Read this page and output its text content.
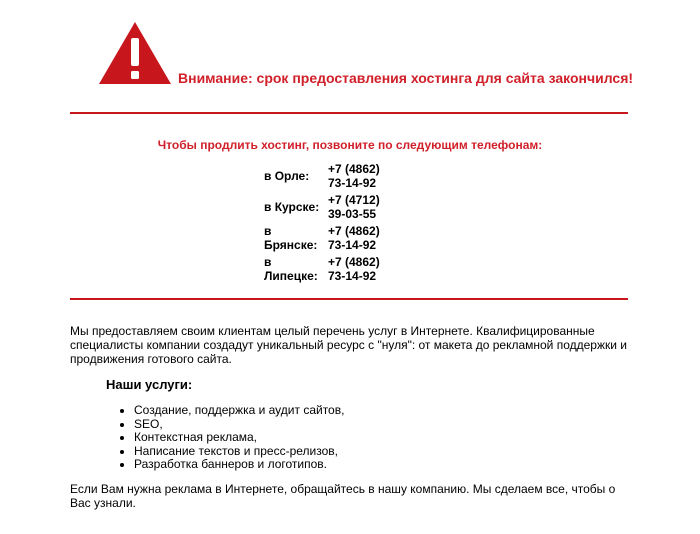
Внимание: срок предоставления хостинга для сайта закончился!
Чтобы продлить хостинг, позвоните по следующим телефонам:
в Орле:	+7 (4862) 73-14-92
в Курске: +7 (4712) 39-03-55
в Брянске:
+7 (4862) 73-14-92
в Липецке:
+7 (4862) 73-14-92
Мы предоставляем своим клиентам целый перечень услуг в Интернете. Квалифицированные специалисты компании создадут уникальный ресурс с "нуля": от макета до рекламной поддержки и продвижения готового сайта.
Наши услуги:
• Создание, поддержка и аудит сайтов,
• SEO,
• Контекстная реклама,
• Написание текстов и пресс-релизов,
• Разработка баннеров и логотипов.
Если Вам нужна реклама в Интернете, обращайтесь в нашу компанию. Мы сделаем все, чтобы о Вас узнали.
